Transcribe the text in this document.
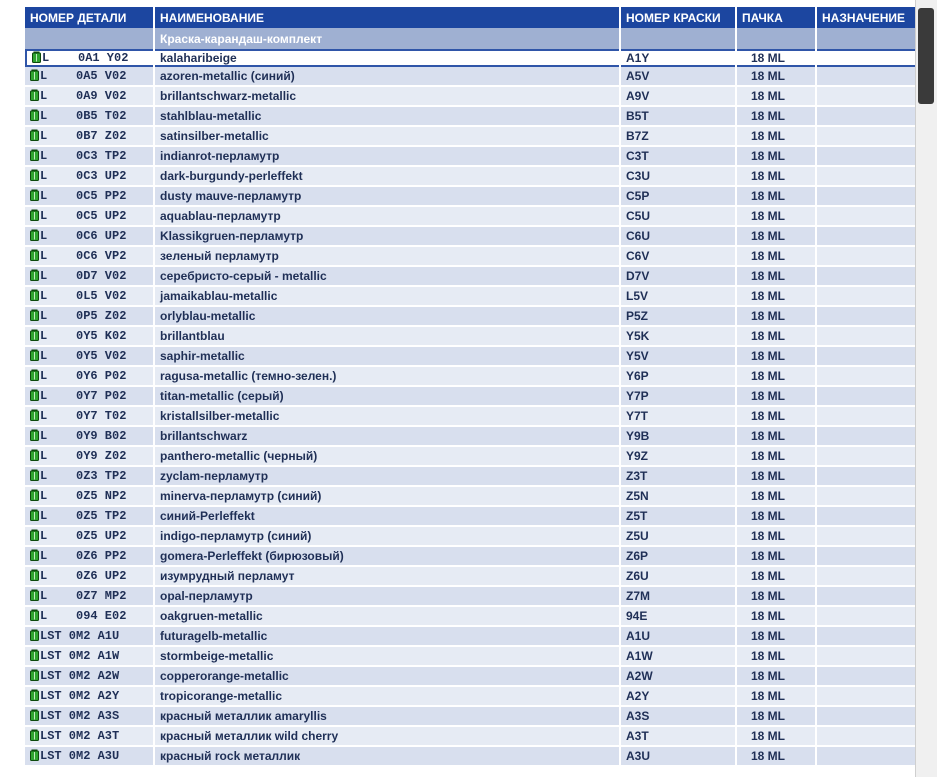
НОМЕР ДЕТАЛИ	НАИМЕНОВАНИЕ	НОМЕР КРАСКИ	ПАЧКА	НАЗНАЧЕНИЕ
	Краска-карандаш-комплект			
L    0A1 Y02	kalaharibeige	A1Y	18 ML	
L    0A5 V02	azoren-metallic (синий)	A5V	18 ML	
L    0A9 V02	brillantschwarz-metallic	A9V	18 ML	
L    0B5 T02	stahlblau-metallic	B5T	18 ML	
L    0B7 Z02	satinsilber-metallic	B7Z	18 ML	
L    0C3 TP2	indianrot-перламутр	C3T	18 ML	
L    0C3 UP2	dark-burgundy-perleffekt	C3U	18 ML	
L    0C5 PP2	dusty mauve-перламутр	C5P	18 ML	
L    0C5 UP2	aquablau-перламутр	C5U	18 ML	
L    0C6 UP2	Klassikgruen-перламутр	C6U	18 ML	
L    0C6 VP2	зеленый перламутр	C6V	18 ML	
L    0D7 V02	серебристо-серый - metallic	D7V	18 ML	
L    0L5 V02	jamaikablau-metallic	L5V	18 ML	
L    0P5 Z02	orlyblau-metallic	P5Z	18 ML	
L    0Y5 K02	brillantblau	Y5K	18 ML	
L    0Y5 V02	saphir-metallic	Y5V	18 ML	
L    0Y6 P02	ragusa-metallic (темно-зелен.)	Y6P	18 ML	
L    0Y7 P02	titan-metallic (серый)	Y7P	18 ML	
L    0Y7 T02	kristallsilber-metallic	Y7T	18 ML	
L    0Y9 B02	brillantschwarz	Y9B	18 ML	
L    0Y9 Z02	panthero-metallic (черный)	Y9Z	18 ML	
L    0Z3 TP2	zyclam-перламутр	Z3T	18 ML	
L    0Z5 NP2	minerva-перламутр (синий)	Z5N	18 ML	
L    0Z5 TP2	синий-Perleffekt	Z5T	18 ML	
L    0Z5 UP2	indigo-перламутр (синий)	Z5U	18 ML	
L    0Z6 PP2	gomera-Perleffekt (бирюзовый)	Z6P	18 ML	
L    0Z6 UP2	изумрудный перламут	Z6U	18 ML	
L    0Z7 MP2	opal-перламутр	Z7M	18 ML	
L    094 E02	oakgruen-metallic	94E	18 ML	
LST 0M2 A1U	futuragelb-metallic	A1U	18 ML	
LST 0M2 A1W	stormbeige-metallic	A1W	18 ML	
LST 0M2 A2W	copperorange-metallic	A2W	18 ML	
LST 0M2 A2Y	tropicorange-metallic	A2Y	18 ML	
LST 0M2 A3S	красный металлик amaryllis	A3S	18 ML	
LST 0M2 A3T	красный металлик wild cherry	A3T	18 ML	
LST 0M2 A3U	красный rock металлик	A3U	18 ML	
